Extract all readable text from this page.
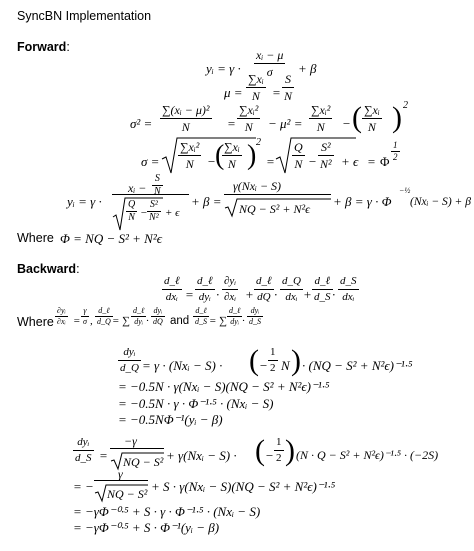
SyncBN Implementation
Forward:
yᵢ = $\gamma \cdot \frac{\text{xᵢ − μ}}{\sigma} + \beta$
$\mu = \frac{\text{∑xᵢ}}{N} = \frac{S}{N}$
$\sigma^2 = \frac{\text{∑(xᵢ − μ)²}}{N} = \frac{\text{∑xᵢ²}}{N} - \mu^2 = \frac{\text{∑xᵢ²}}{N}$ − ( $\frac{\text{∑xᵢ}}{N}$ ) 2
$\sigma = \frac{\text{∑xᵢ²}}{N}$ − (
$\frac{\text{∑xᵢ}}{N}$ ) 2
= $\frac{Q}{N} - \frac{\text{S²}}{\text{N²}} + \epsilon = \Phi \frac{1}{2}$
yᵢ = γ ·
xᵢ − $\frac{S}{N}$
$\frac{Q}{N} - \frac{\text{S²}}{\text{N²}} + \epsilon$
+ β =
γ(Nxᵢ − S)
NQ − S² + N²ϵ + β = γ · Φ
−½
(Nxᵢ − S) + β
Where Φ = NQ − S² + N²ϵ
Backward:
d_ℓ
dxᵢ =
d_ℓ
dyᵢ · $\frac{\text{∂yᵢ}}{\text{∂xᵢ}}$ +
d_ℓ
dQ ·
d_Q
dxᵢ +
d_ℓ
d_S ·
d_S
dxᵢ
Where $\frac{\text{∂yᵢ}}{\text{∂xᵢ}} = \frac{\gamma}{\sigma}$ ,
d_ℓ
d_Q = ∑
d_ℓ
dyᵢ ·
dyᵢ
dQ and
d_ℓ
d_S = ∑
d_ℓ
dyᵢ ·
dyᵢ
d_S
dyᵢ
d_Q = γ · (Nxᵢ − S) · ( − $\frac{1}{2}$ N ) · (NQ − S² + N²ϵ)⁻¹·⁵
= −0.5N · γ(Nxᵢ − S)(NQ − S² + N²ϵ)⁻¹·⁵
= −0.5N · γ · Φ⁻¹·⁵ · (Nxᵢ − S)
= −0.5NΦ⁻¹(yᵢ − β)
dyᵢ
d_S =
−γ
NQ − S² + γ(Nxᵢ − S) · ( − $\frac{1}{2}$ ) (N · Q − S² + N²ϵ)⁻¹·⁵ · (−2S)
= −
γ
NQ − S² + S · γ(Nxᵢ − S)(NQ − S² + N²ϵ)⁻¹·⁵
= −γΦ⁻⁰·⁵ + S · γ · Φ⁻¹·⁵ · (Nxᵢ − S)
= −γΦ⁻⁰·⁵ + S · Φ⁻¹(yᵢ − β)
